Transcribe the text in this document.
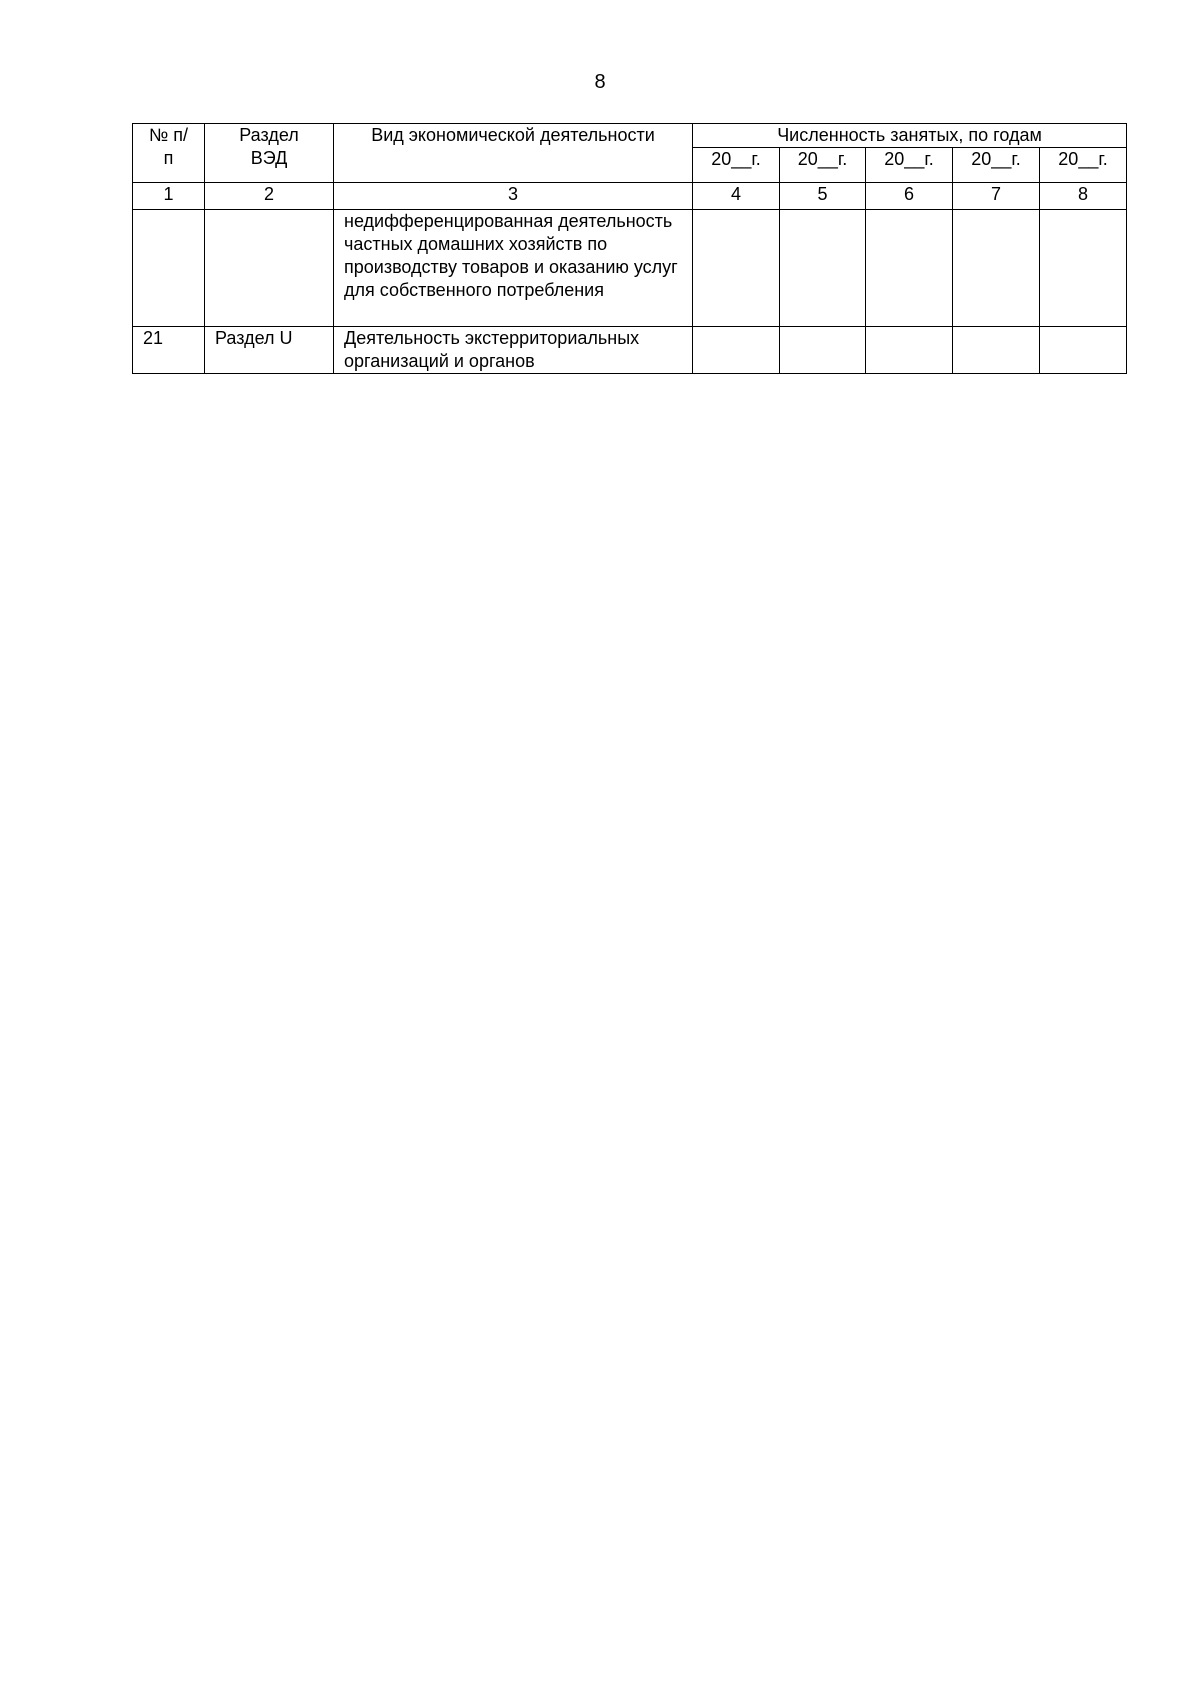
8
№ п/п	Раздел ВЭД	Вид экономической деятельности	Численность занятых, по годам				
			20__г.	20__г.	20__г.	20__г.	20__г.
1	2	3	4	5	6	7	8
		недифференцированная деятельность частных домашних хозяйств по производству товаров и оказанию услуг для собственного потребления					
21	Раздел U	Деятельность экстерриториальных организаций и органов					
